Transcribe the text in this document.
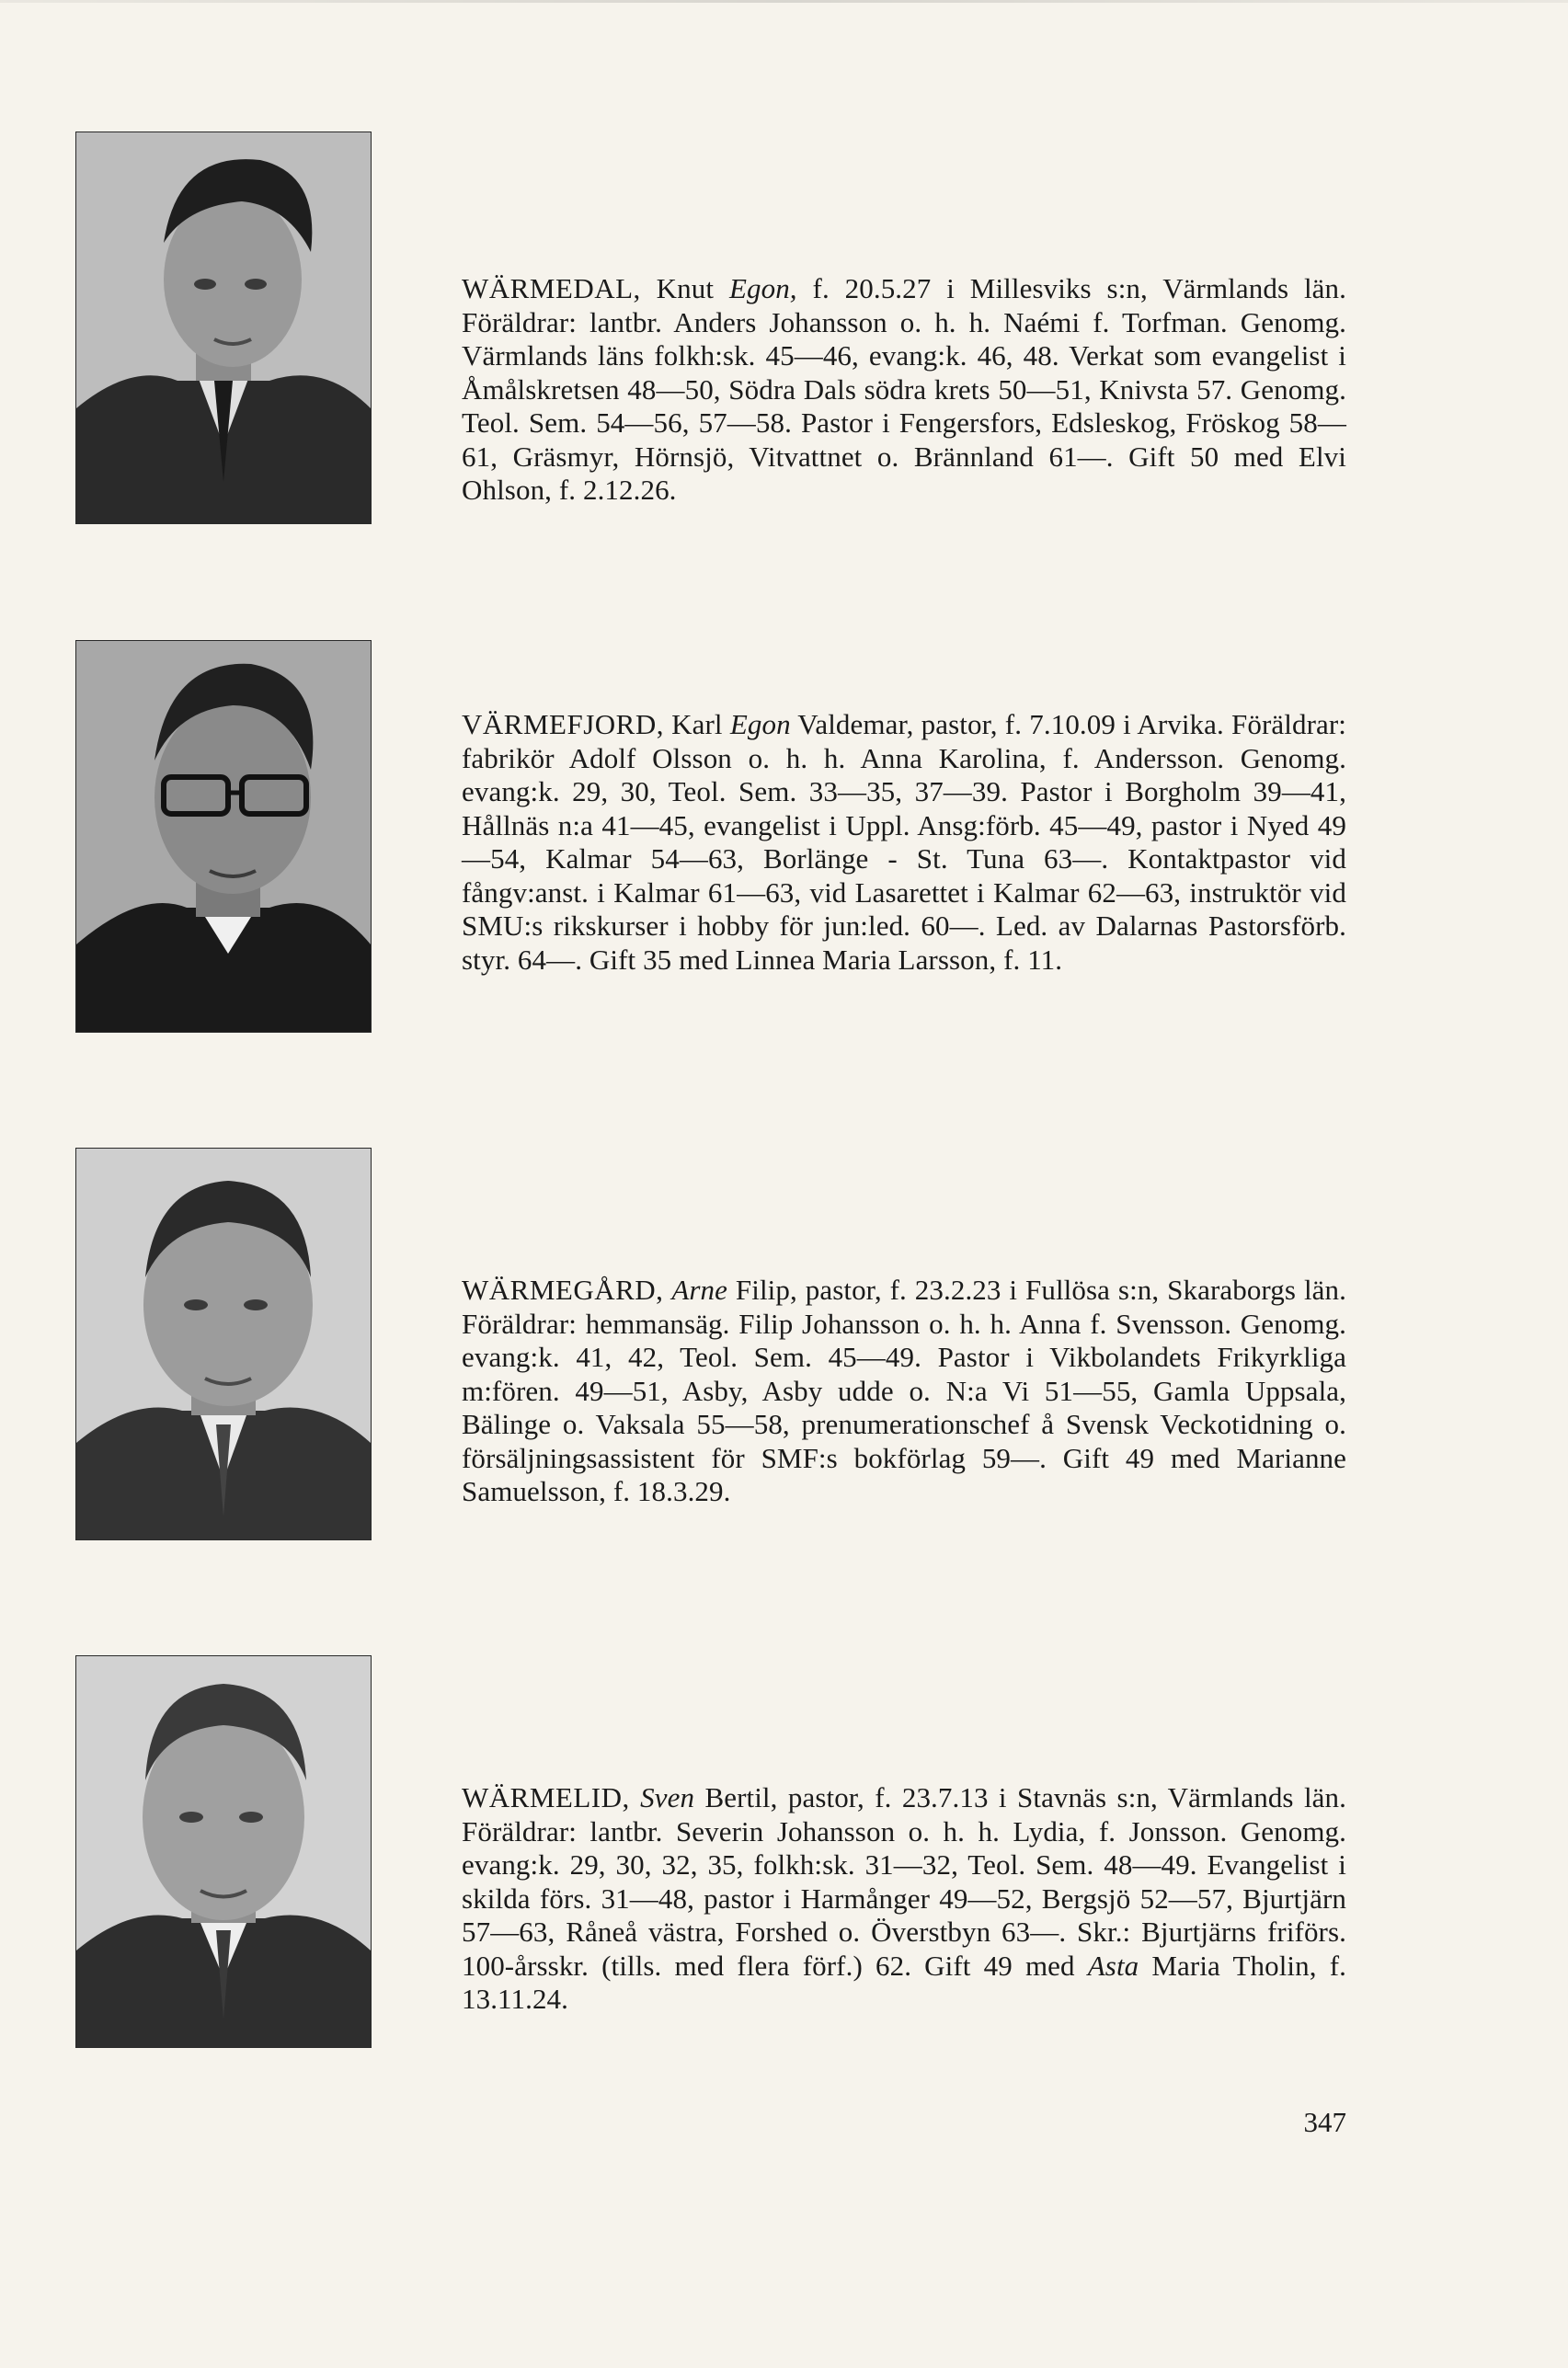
WÄRMEDAL, Knut Egon, f. 20.5.27 i Millesviks s:n, Värmlands län. Föräldrar: lantbr. Anders Johansson o. h. h. Naémi f. Torfman. Genomg. Värmlands läns folkh:sk. 45—46, evang:k. 46, 48. Verkat som evangelist i Åmålskretsen 48—50, Södra Dals södra krets 50—51, Knivsta 57. Genomg. Teol. Sem. 54—56, 57—58. Pastor i Fengersfors, Edsleskog, Fröskog 58—61, Gräsmyr, Hörnsjö, Vitvattnet o. Brännland 61—. Gift 50 med Elvi Ohlson, f. 2.12.26.
VÄRMEFJORD, Karl Egon Valdemar, pastor, f. 7.10.09 i Arvika. Föräldrar: fabrikör Adolf Olsson o. h. h. Anna Karolina, f. Andersson. Genomg. evang:k. 29, 30, Teol. Sem. 33—35, 37—39. Pastor i Borgholm 39—41, Hållnäs n:a 41—45, evangelist i Uppl. Ansg:förb. 45—49, pastor i Nyed 49—54, Kalmar 54—63, Borlänge - St. Tuna 63—. Kontaktpastor vid fångv:anst. i Kalmar 61—63, vid Lasarettet i Kalmar 62—63, instruktör vid SMU:s rikskurser i hobby för jun:led. 60—. Led. av Dalarnas Pastorsförb. styr. 64—. Gift 35 med Linnea Maria Larsson, f. 11.
WÄRMEGÅRD, Arne Filip, pastor, f. 23.2.23 i Fullösa s:n, Skaraborgs län. Föräldrar: hemmansäg. Filip Johansson o. h. h. Anna f. Svensson. Genomg. evang:k. 41, 42, Teol. Sem. 45—49. Pastor i Vikbolandets Frikyrkliga m:fören. 49—51, Asby, Asby udde o. N:a Vi 51—55, Gamla Uppsala, Bälinge o. Vaksala 55—58, prenumerationschef å Svensk Veckotidning o. försäljningsassistent för SMF:s bokförlag 59—. Gift 49 med Marianne Samuelsson, f. 18.3.29.
WÄRMELID, Sven Bertil, pastor, f. 23.7.13 i Stavnäs s:n, Värmlands län. Föräldrar: lantbr. Severin Johansson o. h. h. Lydia, f. Jonsson. Genomg. evang:k. 29, 30, 32, 35, folkh:sk. 31—32, Teol. Sem. 48—49. Evangelist i skilda förs. 31—48, pastor i Harmånger 49—52, Bergsjö 52—57, Bjurtjärn 57—63, Råneå västra, Forshed o. Överstbyn 63—. Skr.: Bjurtjärns friförs. 100-årsskr. (tills. med flera förf.) 62. Gift 49 med Asta Maria Tholin, f. 13.11.24.
347
